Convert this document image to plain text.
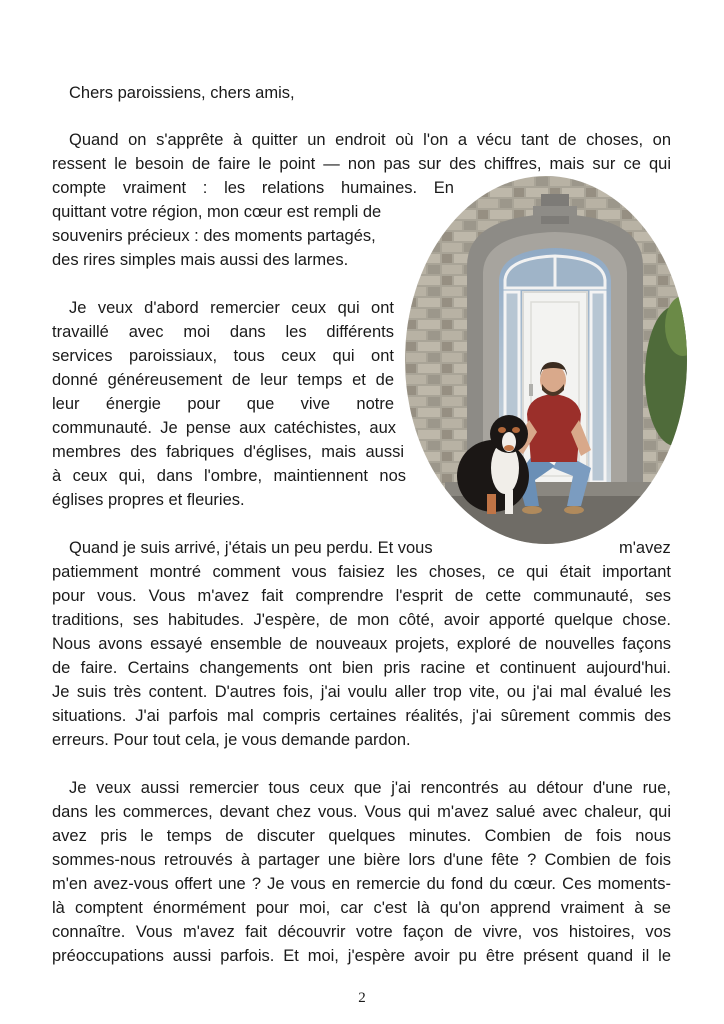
Chers paroissiens, chers amis,
Quand on s'apprête à quitter un endroit où l'on a vécu tant de choses, on
ressent le besoin de faire le point — non pas sur des chiffres, mais sur ce qui
compte vraiment : les relations humaines. En
quittant votre région, mon cœur est rempli de
souvenirs précieux : des moments partagés,
des rires simples mais aussi des larmes.
Je veux d'abord remercier ceux qui ont
travaillé avec moi dans les différents
services paroissiaux, tous ceux qui ont
donné généreusement de leur temps et de
leur énergie pour que vive notre
communauté. Je pense aux catéchistes, aux
membres des fabriques d'églises, mais aussi
à ceux qui, dans l'ombre, maintiennent nos
églises propres et fleuries.
Quand je suis arrivé, j'étais un peu perdu. Et vous	m'avez
patiemment montré comment vous faisiez les choses, ce qui était important
pour vous. Vous m'avez fait comprendre l'esprit de cette communauté, ses
traditions, ses habitudes. J'espère, de mon côté, avoir apporté quelque chose.
Nous avons essayé ensemble de nouveaux projets, exploré de nouvelles façons
de faire. Certains changements ont bien pris racine et continuent aujourd'hui.
Je suis très content. D'autres fois, j'ai voulu aller trop vite, ou j'ai mal évalué les
situations. J'ai parfois mal compris certaines réalités, j'ai sûrement commis des
erreurs. Pour tout cela, je vous demande pardon.
Je veux aussi remercier tous ceux que j'ai rencontrés au détour d'une rue,
dans les commerces, devant chez vous. Vous qui m'avez salué avec chaleur, qui
avez pris le temps de discuter quelques minutes. Combien de fois nous
sommes-nous retrouvés à partager une bière lors d'une fête ? Combien de fois
m'en avez-vous offert une ? Je vous en remercie du fond du cœur. Ces moments-
là comptent énormément pour moi, car c'est là qu'on apprend vraiment à se
connaître. Vous m'avez fait découvrir votre façon de vivre, vos histoires, vos
préoccupations aussi parfois. Et moi, j'espère avoir pu être présent quand il le
2
